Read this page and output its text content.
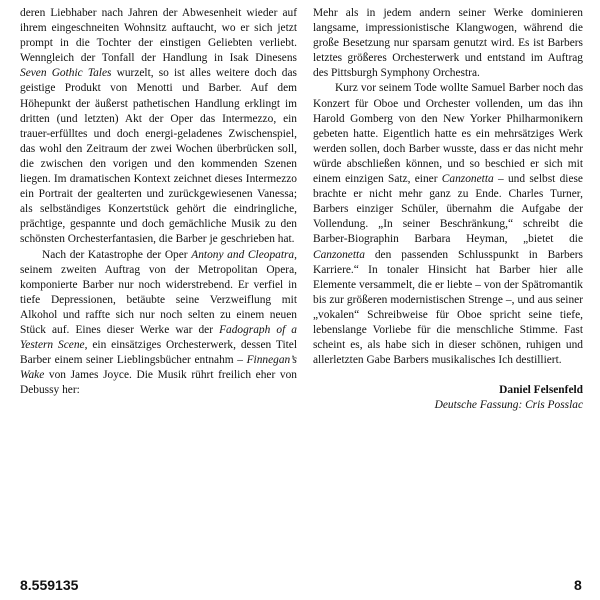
deren Liebhaber nach Jahren der Abwesenheit wieder auf ihrem eingeschneiten Wohnsitz auftaucht, wo er sich jetzt prompt in die Tochter der einstigen Geliebten verliebt. Wenngleich der Tonfall der Handlung in Isak Dinesens Seven Gothic Tales wurzelt, so ist alles weitere doch das geistige Produkt von Menotti und Barber. Auf dem Höhepunkt der äußerst pathetischen Handlung erklingt im dritten (und letzten) Akt der Oper das Intermezzo, ein trauer-erfülltes und doch energi-geladenes Zwischenspiel, das wohl den Zeitraum der zwei Wochen überbrücken soll, die zwischen den vorigen und den kommenden Szenen liegen. Im dramatischen Kontext zeichnet dieses Intermezzo ein Portrait der gealterten und zurückgewiesenen Vanessa; als selbständiges Konzertstück gehört die eindringliche, prächtige, gespannte und doch gemächliche Musik zu den schönsten Orchesterfantasien, die Barber je geschrieben hat.

Nach der Katastrophe der Oper Antony and Cleopatra, seinem zweiten Auftrag von der Metropolitan Opera, komponierte Barber nur noch widerstrebend. Er verfiel in tiefe Depressionen, betäubte seine Verzweiflung mit Alkohol und raffte sich nur noch selten zu einem neuen Stück auf. Eines dieser Werke war der Fadograph of a Yestern Scene, ein einsätziges Orchesterwerk, dessen Titel Barber einem seiner Lieblingsbücher entnahm – Finnegan’s Wake von James Joyce. Die Musik rührt freilich eher von Debussy her:

Mehr als in jedem andern seiner Werke dominieren langsame, impressionistische Klangwogen, während die große Besetzung nur sparsam genutzt wird. Es ist Barbers letztes größeres Orchesterwerk und entstand im Auftrag des Pittsburgh Symphony Orchestra.

Kurz vor seinem Tode wollte Samuel Barber noch das Konzert für Oboe und Orchester vollenden, um das ihn Harold Gomberg von den New Yorker Philharmonikern gebeten hatte. Eigentlich hatte es ein mehrsätziges Werk werden sollen, doch Barber wusste, dass er das nicht mehr würde abschließen können, und so beschied er sich mit einem einzigen Satz, einer Canzonetta – und selbst diese brachte er nicht mehr ganz zu Ende. Charles Turner, Barbers einziger Schüler, übernahm die Aufgabe der Vollendung. „In seiner Beschränkung,“ schreibt die Barber-Biographin Barbara Heyman, „bietet die Canzonetta den passenden Schlusspunkt in Barbers Karriere.“ In tonaler Hinsicht hat Barber hier alle Elemente versammelt, die er liebte – von der Spätromantik bis zur größeren modernistischen Strenge –, und aus seiner „vokalen“ Schreibweise für Oboe spricht seine tiefe, lebenslange Vorliebe für die menschliche Stimme. Fast scheint es, als habe sich in dieser schönen, ruhigen und allerletzten Gabe Barbers musikalisches Ich destilliert.

Daniel Felsenfeld
Deutsche Fassung: Cris Posslac
8.559135	8
